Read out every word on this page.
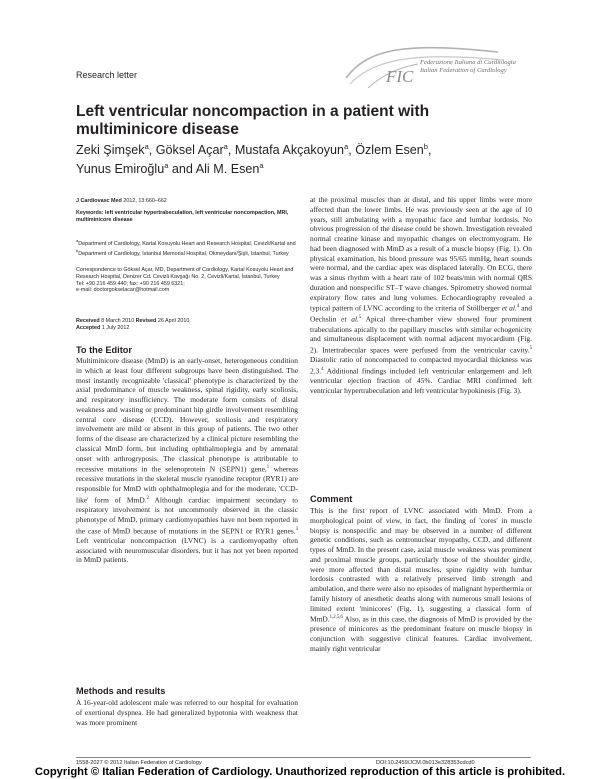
Research letter	FIC
Federazione Italiana di Cardiologia
Italian Federation of Cardiology
Left ventricular noncompaction in a patient with multiminicore disease
Zeki Şimşek$^a$, Göksel Açar$^a$, Mustafa Akçakoyun$^a$, Özlem Esen$^b$,
Yunus Emiroğlu$^a$ and Ali M. Esen$^a$
J Cardiovasc Med 2012, 13:660–662
Keywords: left ventricular hypertrabeculation, left ventricular noncompaction, MRI, multiminicore disease
$^a$Department of Cardiology, Kartal Kosuyolu Heart and Research Hospital, Cevizli/Kartal and $^b$Department of Cardiology, Istanbul Memorial Hospital, Okmeydanı/Şişli, Istanbul, Turkey
Correspondence to Göksel Açar, MD, Department of Cardiology, Kartal Kosuyolu Heart and Research Hospital, Denizer Cd. Cevizli Kavşağı No. 2, Cevizli/Kartal, İstanbul, Turkey
Tel: +90 216 459 440; fax: +90 216 459 6321;
e-mail: doctorgokselacar@hotmail.com
Received 8 March 2010 Revised 26 April 2010
Accepted 1 July 2012
To the Editor
Multiminicore disease (MmD) is an early-onset, heterogeneous condition in which at least four different subgroups have been distinguished. The most instantly recognizable 'classical' phenotype is characterized by the axial predominance of muscle weakness, spinal rigidity, early scoliosis, and respiratory insufficiency. The moderate form consists of distal weakness and wasting or predominant hip girdle involvement resembling central core disease (CCD). However, scoliosis and respiratory involvement are mild or absent in this group of patients. The two other forms of the disease are characterized by a clinical picture resembling the classical MmD form, but including ophthalmoplegia and by antenatal onset with arthrogryposis. The classical phenotype is attributable to recessive mutations in the selenoprotein N (SEPN1) gene,$^1$ whereas recessive mutations in the skeletal muscle ryanodine receptor (RYR1) are responsible for MmD with ophthalmoplegia and for the moderate, 'CCD-like' form of MmD.$^2$ Although cardiac impairment secondary to respiratory involvement is not uncommonly observed in the classic phenotype of MmD, primary cardiomyopathies have not been reported in the case of MmD because of mutations in the SEPN1 or RYR1 genes.$^3$ Left ventricular noncompaction (LVNC) is a cardiomyopathy often associated with neuromuscular disorders, but it has not yet been reported in MmD patients.
Methods and results
A 16-year-old adolescent male was referred to our hospital for evaluation of exertional dyspnea. He had generalized hypotonia with weakness that was more prominent
at the proximal muscles than at distal, and his upper limbs were more affected than the lower limbs. He was previously seen at the age of 10 years, still ambulating with a myopathic face and lumbar lordosis. No obvious progression of the disease could be shown. Investigation revealed normal creatine kinase and myopathic changes on electromyogram. He had been diagnosed with MmD as a result of a muscle biopsy (Fig. 1). On physical examination, his blood pressure was 95/65 mmHg, heart sounds were normal, and the cardiac apex was displaced laterally. On ECG, there was a sinus rhythm with a heart rate of 102 beats/min with normal QRS duration and nonspecific ST–T wave changes. Spirometry showed normal expiratory flow rates and lung volumes. Echocardiography revealed a typical pattern of LVNC according to the criteria of Stöllberger et al.$^4$ and Oechslin et al.$^5$ Apical three-chamber view showed four prominent trabeculations apically to the papillary muscles with similar echogenicity and simultaneous displacement with normal adjacent myocardium (Fig. 2). Intertrabecular spaces were perfused from the ventricular cavity.$^5$ Diastolic ratio of noncompacted to compacted myocardial thickness was 2.3.$^4$ Additional findings included left ventricular enlargement and left ventricular ejection fraction of 45%. Cardiac MRI confirmed left ventricular hypertrabeculation and left ventricular hypokinesis (Fig. 3).
Comment
This is the first report of LVNC associated with MmD. From a morphological point of view, in fact, the finding of 'cores' in muscle biopsy is nonspecific and may be observed in a number of different genetic conditions, such as centronuclear myopathy, CCD, and different types of MmD. In the present case, axial muscle weakness was prominent and proximal muscle groups, particularly those of the shoulder girdle, were more affected than distal muscles, spine rigidity with lumbar lordosis contrasted with a relatively preserved limb strength and ambulation, and there were also no episodes of malignant hyperthermia or family history of anesthetic deaths along with numerous small lesions of limited extent 'minicores' (Fig. 1), suggesting a classical form of MmD.$^{1,2,5,6}$ Also, as in this case, the diagnosis of MmD is provided by the presence of minicores as the predominant feature on muscle biopsy in conjunction with suggestive clinical features. Cardiac involvement, mainly right ventricular
1558-2027 © 2012 Italian Federation of Cardiology	DOI:10.2459/JCM.0b013e328353cdcd0
Copyright © Italian Federation of Cardiology. Unauthorized reproduction of this article is prohibited.
